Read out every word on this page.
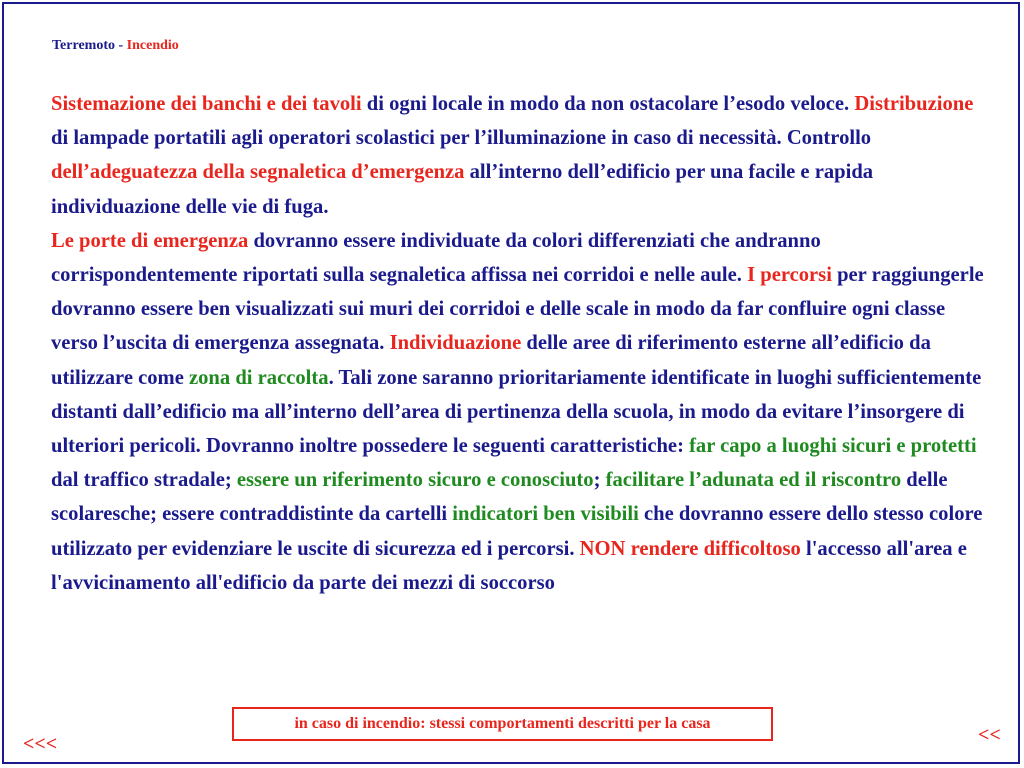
Terremoto - Incendio
Sistemazione dei banchi e dei tavoli di ogni locale in modo da non ostacolare l’esodo veloce. Distribuzione di lampade portatili agli operatori scolastici per l’illuminazione in caso di necessità. Controllo dell’adeguatezza della segnaletica d’emergenza all’interno dell’edificio per una facile e rapida individuazione delle vie di fuga.
Le porte di emergenza dovranno essere individuate da colori differenziati che andranno corrispondentemente riportati sulla segnaletica affissa nei corridoi e nelle aule. I percorsi per raggiungerle dovranno essere ben visualizzati sui muri dei corridoi e delle scale in modo da far confluire ogni classe verso l’uscita di emergenza assegnata. Individuazione delle aree di riferimento esterne all’edificio da utilizzare come zona di raccolta. Tali zone saranno prioritariamente identificate in luoghi sufficientemente distanti dall’edificio ma all’interno dell’area di pertinenza della scuola, in modo da evitare l’insorgere di ulteriori pericoli. Dovranno inoltre possedere le seguenti caratteristiche: far capo a luoghi sicuri e protetti dal traffico stradale; essere un riferimento sicuro e conosciuto; facilitare l’adunata ed il riscontro delle scolaresche; essere contraddistinte da cartelli indicatori ben visibili che dovranno essere dello stesso colore utilizzato per evidenziare le uscite di sicurezza ed i percorsi. NON rendere difficoltoso l'accesso all'area e l'avvicinamento all'edificio da parte dei mezzi di soccorso
in caso di incendio: stessi comportamenti descritti per la casa
<<<	<<
